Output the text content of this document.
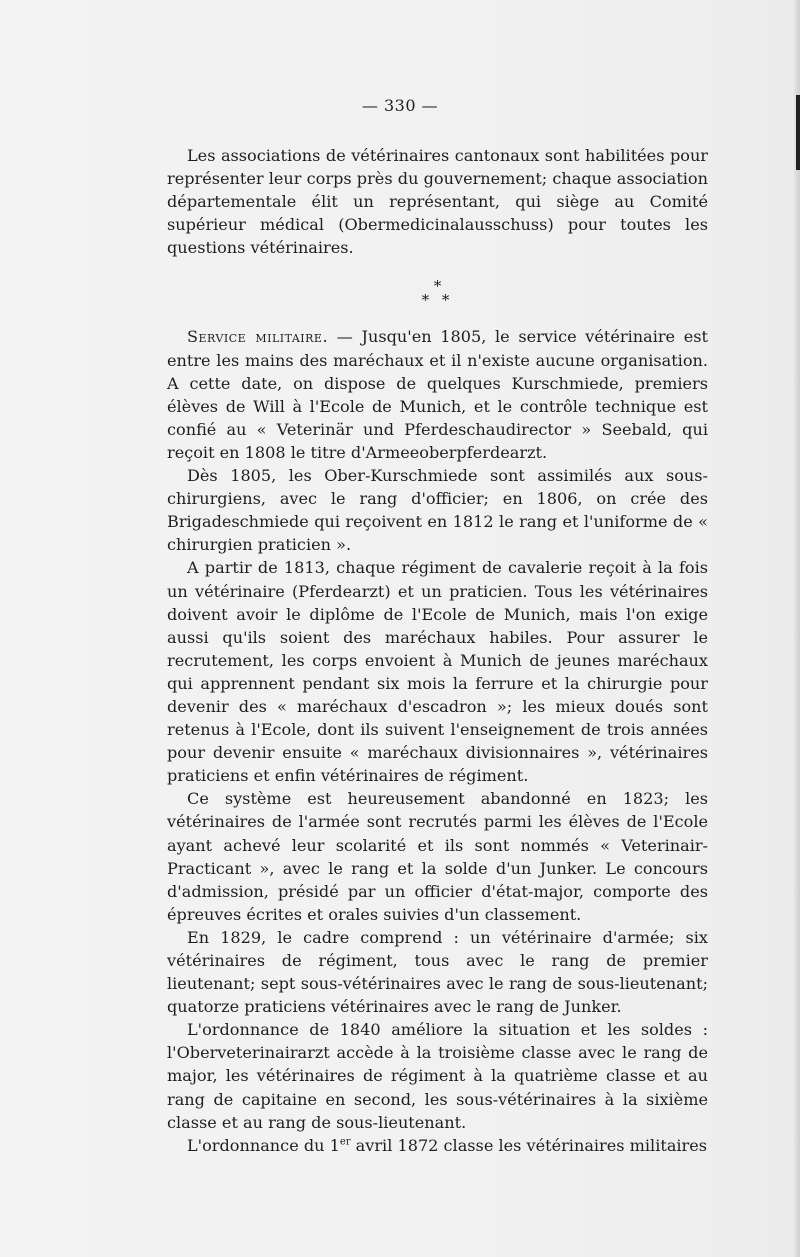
— 330 —

Les associations de vétérinaires cantonaux sont habilitées pour représenter leur corps près du gouvernement; chaque association départementale élit un représentant, qui siège au Comité supérieur médical (Obermedicinalausschuss) pour toutes les questions vétérinaires.

*
* *

Service militaire. — Jusqu'en 1805, le service vétérinaire est entre les mains des maréchaux et il n'existe aucune organisation. A cette date, on dispose de quelques Kurschmiede, premiers élèves de Will à l'Ecole de Munich, et le contrôle technique est confié au « Veterinär und Pferdeschaudirector » Seebald, qui reçoit en 1808 le titre d'Armeeoberpferdearzt.

Dès 1805, les Ober-Kurschmiede sont assimilés aux sous-chirurgiens, avec le rang d'officier; en 1806, on crée des Brigadeschmiede qui reçoivent en 1812 le rang et l'uniforme de « chirurgien praticien ».

A partir de 1813, chaque régiment de cavalerie reçoit à la fois un vétérinaire (Pferdearzt) et un praticien. Tous les vétérinaires doivent avoir le diplôme de l'Ecole de Munich, mais l'on exige aussi qu'ils soient des maréchaux habiles. Pour assurer le recrutement, les corps envoient à Munich de jeunes maréchaux qui apprennent pendant six mois la ferrure et la chirurgie pour devenir des « maréchaux d'escadron »; les mieux doués sont retenus à l'Ecole, dont ils suivent l'enseignement de trois années pour devenir ensuite « maréchaux divisionnaires », vétérinaires praticiens et enfin vétérinaires de régiment.

Ce système est heureusement abandonné en 1823; les vétérinaires de l'armée sont recrutés parmi les élèves de l'Ecole ayant achevé leur scolarité et ils sont nommés « Veterinair-Practicant », avec le rang et la solde d'un Junker. Le concours d'admission, présidé par un officier d'état-major, comporte des épreuves écrites et orales suivies d'un classement.

En 1829, le cadre comprend : un vétérinaire d'armée; six vétérinaires de régiment, tous avec le rang de premier lieutenant; sept sous-vétérinaires avec le rang de sous-lieutenant; quatorze praticiens vétérinaires avec le rang de Junker.

L'ordonnance de 1840 améliore la situation et les soldes : l'Oberveterinairarzt accède à la troisième classe avec le rang de major, les vétérinaires de régiment à la quatrième classe et au rang de capitaine en second, les sous-vétérinaires à la sixième classe et au rang de sous-lieutenant.

L'ordonnance du 1er avril 1872 classe les vétérinaires militaires
